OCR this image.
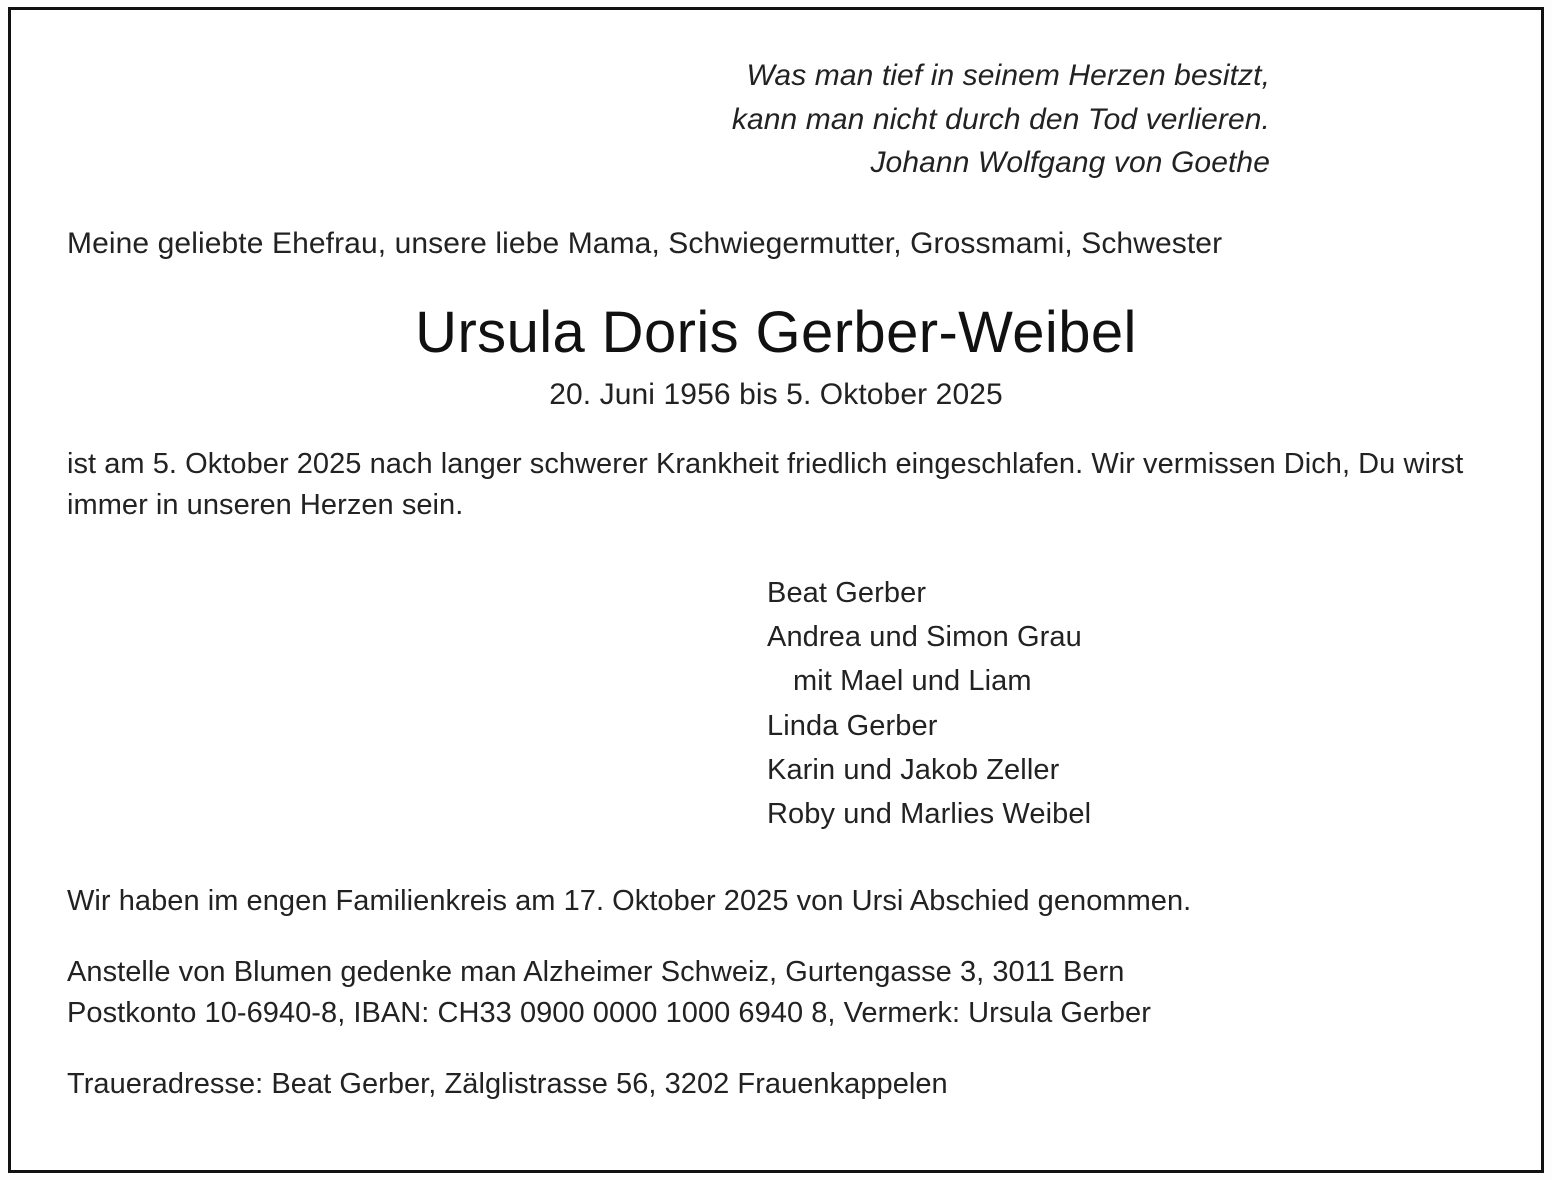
Was man tief in seinem Herzen besitzt,
kann man nicht durch den Tod verlieren.
Johann Wolfgang von Goethe
Meine geliebte Ehefrau, unsere liebe Mama, Schwiegermutter, Grossmami, Schwester
Ursula Doris Gerber-Weibel
20. Juni 1956 bis 5. Oktober 2025
ist am 5. Oktober 2025 nach langer schwerer Krankheit friedlich eingeschlafen. Wir vermissen Dich, Du wirst immer in unseren Herzen sein.
Beat Gerber
Andrea und Simon Grau
mit Mael und Liam
Linda Gerber
Karin und Jakob Zeller
Roby und Marlies Weibel
Wir haben im engen Familienkreis am 17. Oktober 2025 von Ursi Abschied genommen.
Anstelle von Blumen gedenke man Alzheimer Schweiz, Gurtengasse 3, 3011 Bern
Postkonto 10-6940-8, IBAN: CH33 0900 0000 1000 6940 8, Vermerk: Ursula Gerber
Traueradresse: Beat Gerber, Zälglistrasse 56, 3202 Frauenkappelen
